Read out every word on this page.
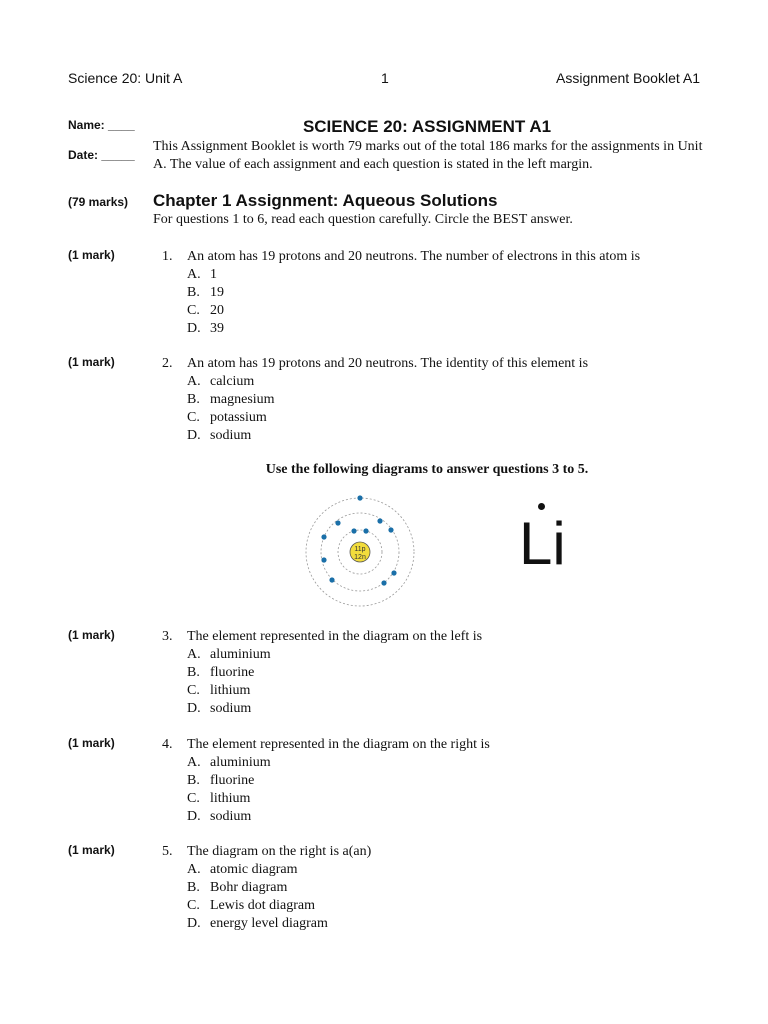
Science 20: Unit A	1	Assignment Booklet A1
Name: ____
Date: _____
SCIENCE 20: ASSIGNMENT A1
This Assignment Booklet is worth 79 marks out of the total 186 marks for the assignments in Unit A. The value of each assignment and each question is stated in the left margin.
(79 marks) Chapter 1 Assignment: Aqueous Solutions
For questions 1 to 6, read each question carefully. Circle the BEST answer.
(1 mark)	1.	An atom has 19 protons and 20 neutrons. The number of electrons in this atom is
A. 1
B. 19
C. 20
D. 39
(1 mark)	2.	An atom has 19 protons and 20 neutrons. The identity of this element is
A. calcium
B. magnesium
C. potassium
D. sodium
Use the following diagrams to answer questions 3 to 5.
11p
12n	Li
(1 mark)	3.	The element represented in the diagram on the left is
A. aluminium
B. fluorine
C. lithium
D. sodium
(1 mark)	4.	The element represented in the diagram on the right is
A. aluminium
B. fluorine
C. lithium
D. sodium
(1 mark)	5.	The diagram on the right is a(an)
A. atomic diagram
B. Bohr diagram
C. Lewis dot diagram
D. energy level diagram
